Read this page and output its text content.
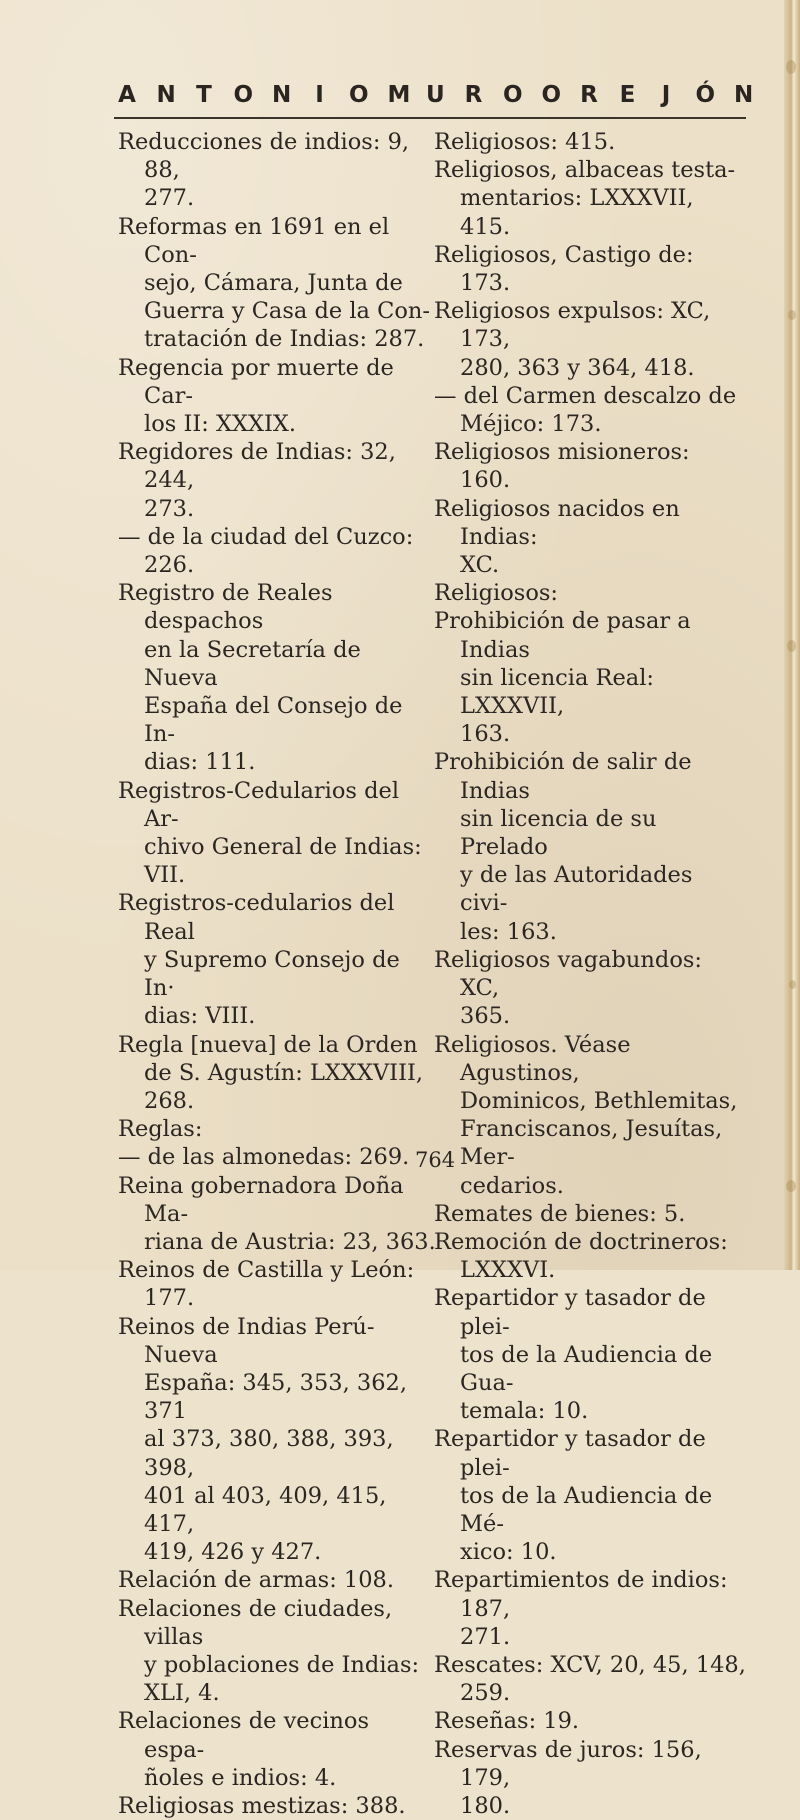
A N T O N I O M U R O O R E J Ó N

Reducciones de indios: 9, 88,
277.

Reformas en 1691 en el Con-
sejo, Cámara, Junta de
Guerra y Casa de la Con-
tratación de Indias: 287.

Regencia por muerte de Car-
los II: XXXIX.

Regidores de Indias: 32, 244,
273.

— de la ciudad del Cuzco:
226.

Registro de Reales despachos
en la Secretaría de Nueva
España del Consejo de In-
dias: 111.

Registros-Cedularios del Ar-
chivo General de Indias: VII.

Registros-cedularios del Real
y Supremo Consejo de In·
dias: VIII.

Regla [nueva] de la Orden
de S. Agustín: LXXXVIII,
268.

Reglas:

— de las almonedas: 269.

Reina gobernadora Doña Ma-
riana de Austria: 23, 363.

Reinos de Castilla y León:
177.

Reinos de Indias Perú-Nueva
España: 345, 353, 362, 371
al 373, 380, 388, 393, 398,
401 al 403, 409, 415, 417,
419, 426 y 427.

Relación de armas: 108.

Relaciones de ciudades, villas
y poblaciones de Indias:
XLI, 4.

Relaciones de vecinos espa-
ñoles e indios: 4.

Religiosas mestizas: 388.

Religiosos: 415.

Religiosos, albaceas testa-
mentarios: LXXXVII, 415.

Religiosos, Castigo de: 173.

Religiosos expulsos: XC, 173,
280, 363 y 364, 418.

— del Carmen descalzo de
Méjico: 173.

Religiosos misioneros: 160.

Religiosos nacidos en Indias:
XC.

Religiosos:

Prohibición de pasar a Indias
sin licencia Real: LXXXVII,
163.

Prohibición de salir de Indias
sin licencia de su Prelado
y de las Autoridades civi-
les: 163.

Religiosos vagabundos: XC,
365.

Religiosos. Véase Agustinos,
Dominicos, Bethlemitas,
Franciscanos, Jesuítas, Mer-
cedarios.

Remates de bienes: 5.

Remoción de doctrineros:
LXXXVI.

Repartidor y tasador de plei-
tos de la Audiencia de Gua-
temala: 10.

Repartidor y tasador de plei-
tos de la Audiencia de Mé-
xico: 10.

Repartimientos de indios: 187,
271.

Rescates: XCV, 20, 45, 148,
259.

Reseñas: 19.

Reservas de juros: 156, 179,
180.

764
